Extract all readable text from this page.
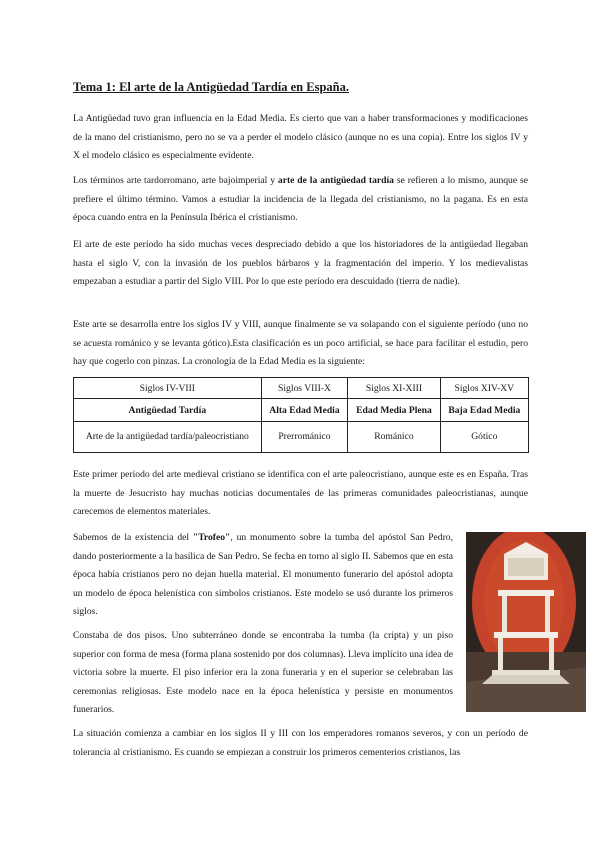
Tema 1: El arte de la Antigüedad Tardía en España.

La Antigüedad tuvo gran influencia en la Edad Media. Es cierto que van a haber transformaciones y modificaciones de la mano del cristianismo, pero no se va a perder el modelo clásico (aunque no es una copia). Entre los siglos IV y X el modelo clásico es especialmente evidente.

Los términos arte tardorromano, arte bajoimperial y arte de la antigüedad tardía se refieren a lo mismo, aunque se prefiere el último término. Vamos a estudiar la incidencia de la llegada del cristianismo, no la pagana. Es en esta época cuando entra en la Península Ibérica el cristianismo.

El arte de este período ha sido muchas veces despreciado debido a que los historiadores de la antigüedad llegaban hasta el siglo V, con la invasión de los pueblos bárbaros y la fragmentación del imperio. Y los medievalistas empezaban a estudiar a partir del Siglo VIII. Por lo que este período era descuidado (tierra de nadie).

Este arte se desarrolla entre los siglos IV y VIII, aunque finalmente se va solapando con el siguiente período (uno no se acuesta románico y se levanta gótico).Esta clasificación es un poco artificial, se hace para facilitar el estudio, pero hay que cogerlo con pinzas. La cronología de la Edad Media es la siguiente:

Siglos IV-VIII	Siglos VIII-X	Siglos XI-XIII	Siglos XIV-XV
Antigüedad Tardía	Alta Edad Media	Edad Media Plena	Baja Edad Media
Arte de la antigüedad tardía/paleocristiano	Prerrománico	Románico	Gótico

Este primer período del arte medieval cristiano se identifica con el arte paleocristiano, aunque este es en España. Tras la muerte de Jesucristo hay muchas noticias documentales de las primeras comunidades paleocristianas, aunque carecemos de elementos materiales.

Sabemos de la existencia del "Trofeo", un monumento sobre la tumba del apóstol San Pedro, dando posteriormente a la basílica de San Pedro. Se fecha en torno al siglo II. Sabemos que en esta época había cristianos pero no dejan huella material. El monumento funerario del apóstol adopta un modelo de época helenística con símbolos cristianos. Este modelo se usó durante los primeros siglos.

Constaba de dos pisos. Uno subterráneo donde se encontraba la tumba (la cripta) y un piso superior con forma de mesa (forma plana sostenido por dos columnas). Lleva implícito una idea de victoria sobre la muerte. El piso inferior era la zona funeraria y en el superior se celebraban las ceremonias religiosas. Este modelo nace en la época helenística y persiste en monumentos funerarios.

La situación comienza a cambiar en los siglos II y III con los emperadores romanos severos, y con un período de tolerancia al cristianismo. Es cuando se empiezan a construir los primeros cementerios cristianos, las
